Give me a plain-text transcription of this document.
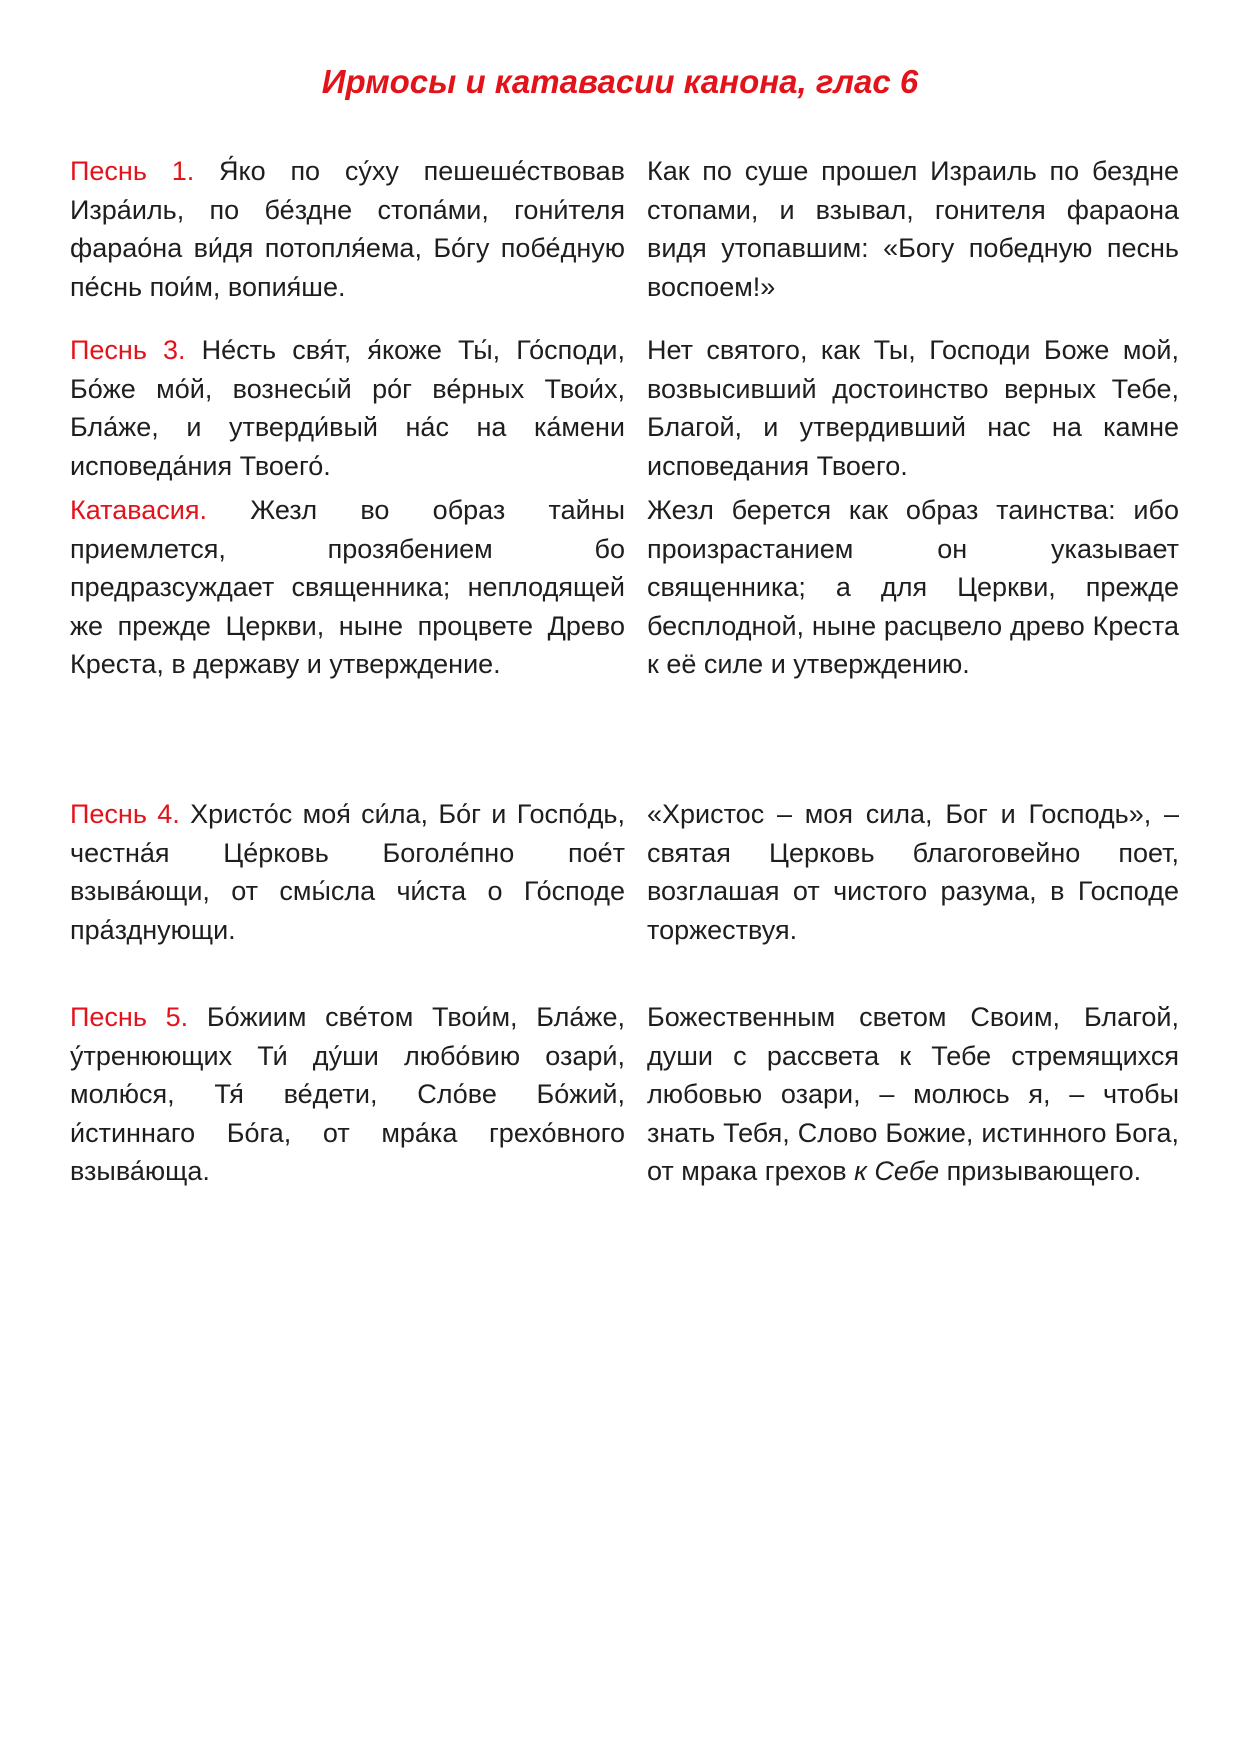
Ирмосы и катавасии канона, глас 6

Песнь 1. Я́ко по су́ху пешеше́ствовав Изра́иль, по бе́здне стопа́ми, гони́теля фарао́на ви́дя потопля́ема, Бо́гу побе́дную пе́снь пои́м, вопия́ше.

Как по суше прошел Израиль по бездне стопами, и взывал, гонителя фараона видя утопавшим: «Богу победную песнь воспоем!»

Песнь 3. Не́сть свя́т, я́коже Ты́, Го́споди, Бо́же мо́й, вознесы́й ро́г ве́рных Твои́х, Бла́же, и утверди́вый на́с на ка́мени исповеда́ния Твоего́.

Нет святого, как Ты, Господи Боже мой, возвысивший достоинство верных Тебе, Благой, и утвердивший нас на камне исповедания Твоего.

Катавасия. Жезл во образ тайны приемлется, прозябением бо предразсуждает священника; неплодящей же прежде Церкви, ныне процвете Древо Креста, в державу и утверждение.

Жезл берется как образ таинства: ибо произрастанием он указывает священника; а для Церкви, прежде бесплодной, ныне расцвело древо Креста к её силе и утверждению.

Песнь 4. Христо́с моя́ си́ла, Бо́г и Госпо́дь, честна́я Це́рковь Боголе́пно пое́т взыва́ющи, от смы́сла чи́ста о Го́споде пра́зднующи.

«Христос – моя сила, Бог и Господь», – святая Церковь благоговейно поет, возглашая от чистого разума, в Господе торжествуя.

Песнь 5. Бо́жиим све́том Твои́м, Бла́же, у́тренюющих Ти́ ду́ши любо́вию озари́, молю́ся, Тя́ ве́дети, Сло́ве Бо́жий, и́стиннаго Бо́га, от мра́ка грехо́вного взыва́юща.

Божественным светом Своим, Благой, души с рассвета к Тебе стремящихся любовью озари, – молюсь я, – чтобы знать Тебя, Слово Божие, истинного Бога, от мрака грехов к Себе призывающего.
